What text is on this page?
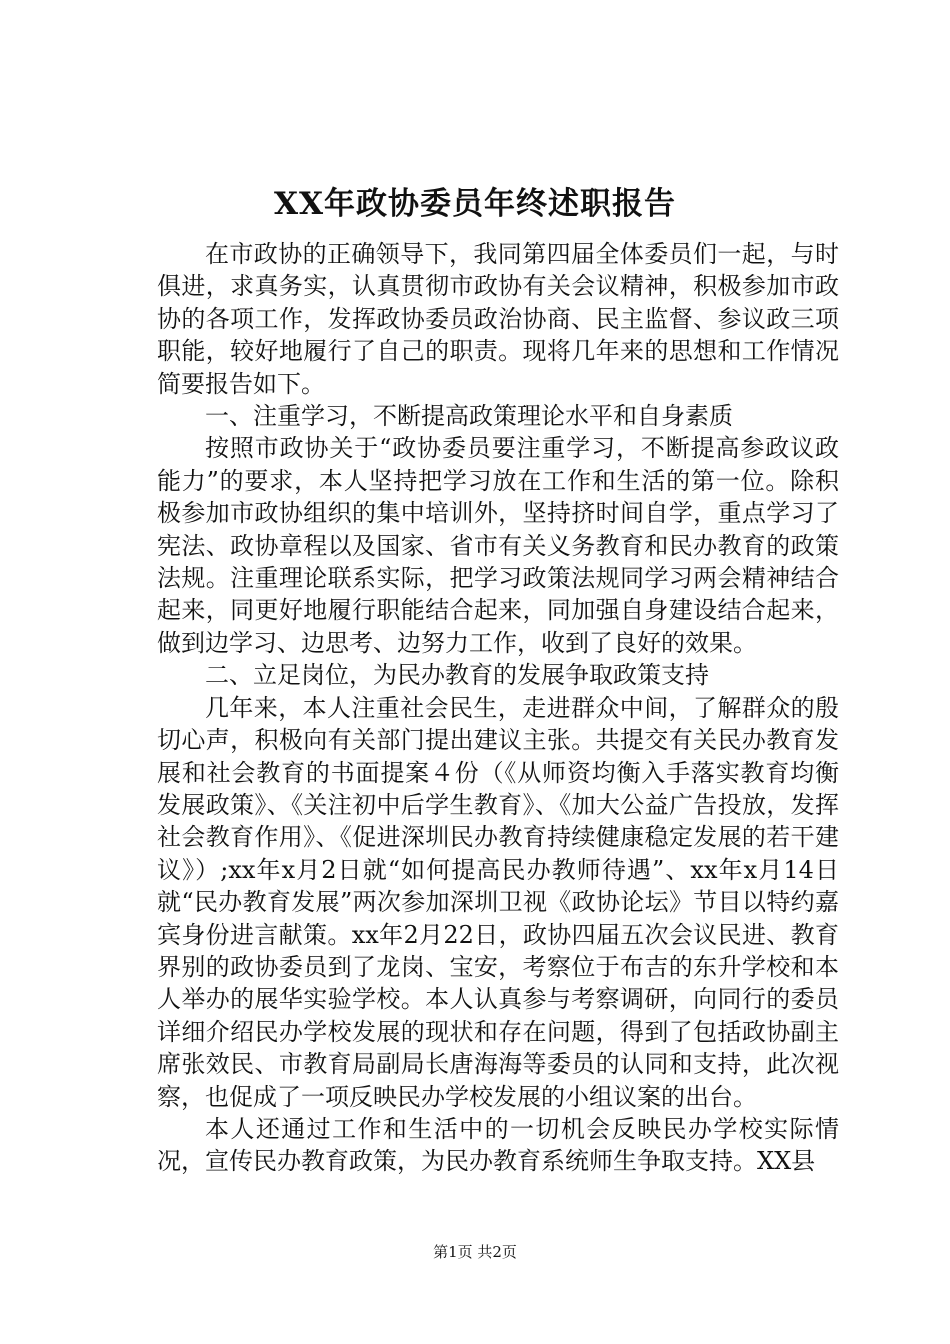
XX年政协委员年终述职报告

在市政协的正确领导下，我同第四届全体委员们一起，与时俱进，求真务实，认真贯彻市政协有关会议精神，积极参加市政协的各项工作，发挥政协委员政治协商、民主监督、参议政三项职能，较好地履行了自己的职责。现将几年来的思想和工作情况简要报告如下。

一、注重学习，不断提高政策理论水平和自身素质

按照市政协关于“政协委员要注重学习，不断提高参政议政能力”的要求，本人坚持把学习放在工作和生活的第一位。除积极参加市政协组织的集中培训外，坚持挤时间自学，重点学习了宪法、政协章程以及国家、省市有关义务教育和民办教育的政策法规。注重理论联系实际，把学习政策法规同学习两会精神结合起来，同更好地履行职能结合起来，同加强自身建设结合起来，做到边学习、边思考、边努力工作，收到了良好的效果。

二、立足岗位，为民办教育的发展争取政策支持

几年来，本人注重社会民生，走进群众中间，了解群众的殷切心声，积极向有关部门提出建议主张。共提交有关民办教育发展和社会教育的书面提案４份（《从师资均衡入手落实教育均衡发展政策》、《关注初中后学生教育》、《加大公益广告投放，发挥社会教育作用》、《促进深圳民办教育持续健康稳定发展的若干建议》）;xx年x月2日就“如何提高民办教师待遇”、xx年x月14日就“民办教育发展”两次参加深圳卫视《政协论坛》节目以特约嘉宾身份进言献策。xx年2月22日，政协四届五次会议民进、教育界别的政协委员到了龙岗、宝安，考察位于布吉的东升学校和本人举办的展华实验学校。本人认真参与考察调研，向同行的委员详细介绍民办学校发展的现状和存在问题，得到了包括政协副主席张效民、市教育局副局长唐海海等委员的认同和支持，此次视察，也促成了一项反映民办学校发展的小组议案的出台。

本人还通过工作和生活中的一切机会反映民办学校实际情况，宣传民办教育政策，为民办教育系统师生争取支持。XX县

第1页 共2页
